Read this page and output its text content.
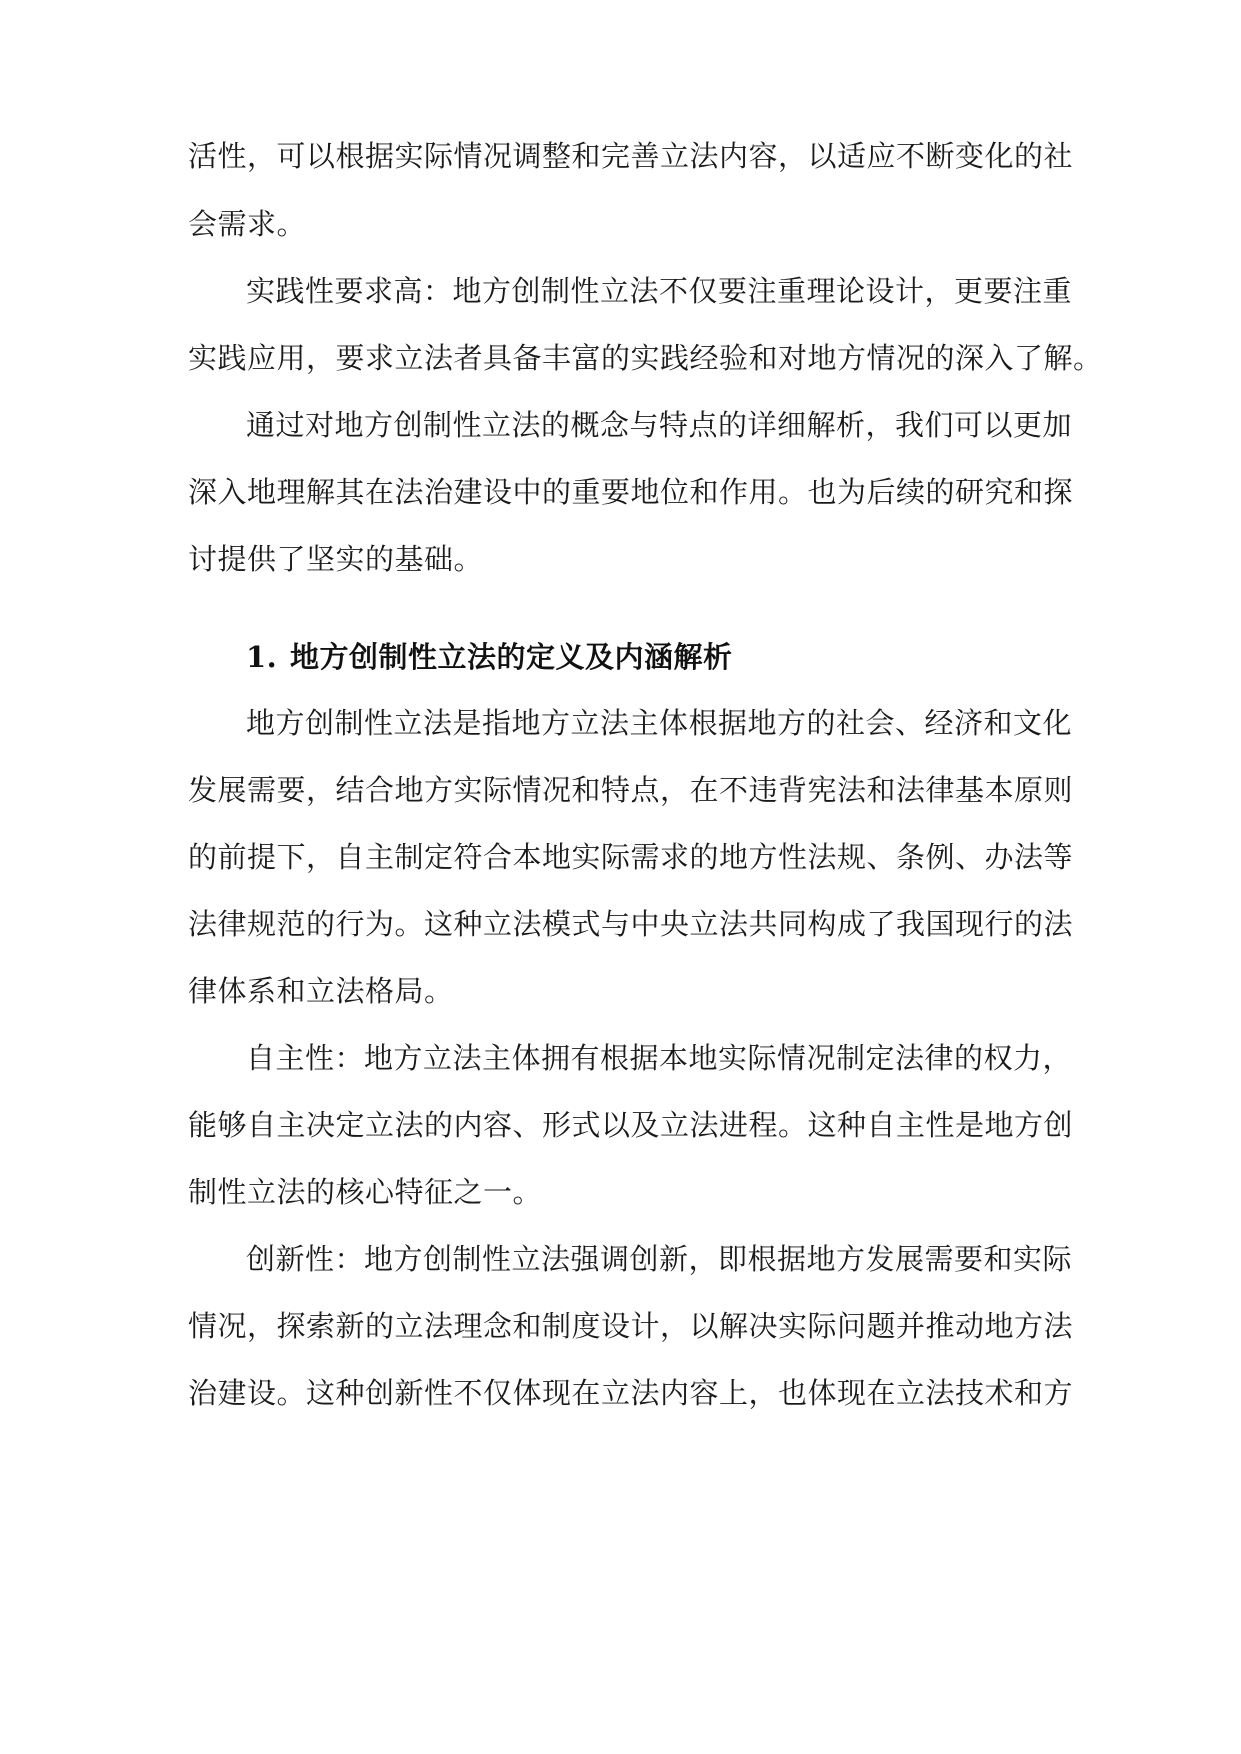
活性，可以根据实际情况调整和完善立法内容，以适应不断变化的社
会需求。
实践性要求高：地方创制性立法不仅要注重理论设计，更要注重
实践应用，要求立法者具备丰富的实践经验和对地方情况的深入了解。
通过对地方创制性立法的概念与特点的详细解析，我们可以更加
深入地理解其在法治建设中的重要地位和作用。也为后续的研究和探
讨提供了坚实的基础。
1. 地方创制性立法的定义及内涵解析
地方创制性立法是指地方立法主体根据地方的社会、经济和文化
发展需要，结合地方实际情况和特点，在不违背宪法和法律基本原则
的前提下，自主制定符合本地实际需求的地方性法规、条例、办法等
法律规范的行为。这种立法模式与中央立法共同构成了我国现行的法
律体系和立法格局。
自主性：地方立法主体拥有根据本地实际情况制定法律的权力，
能够自主决定立法的内容、形式以及立法进程。这种自主性是地方创
制性立法的核心特征之一。
创新性：地方创制性立法强调创新，即根据地方发展需要和实际
情况，探索新的立法理念和制度设计，以解决实际问题并推动地方法
治建设。这种创新性不仅体现在立法内容上，也体现在立法技术和方
